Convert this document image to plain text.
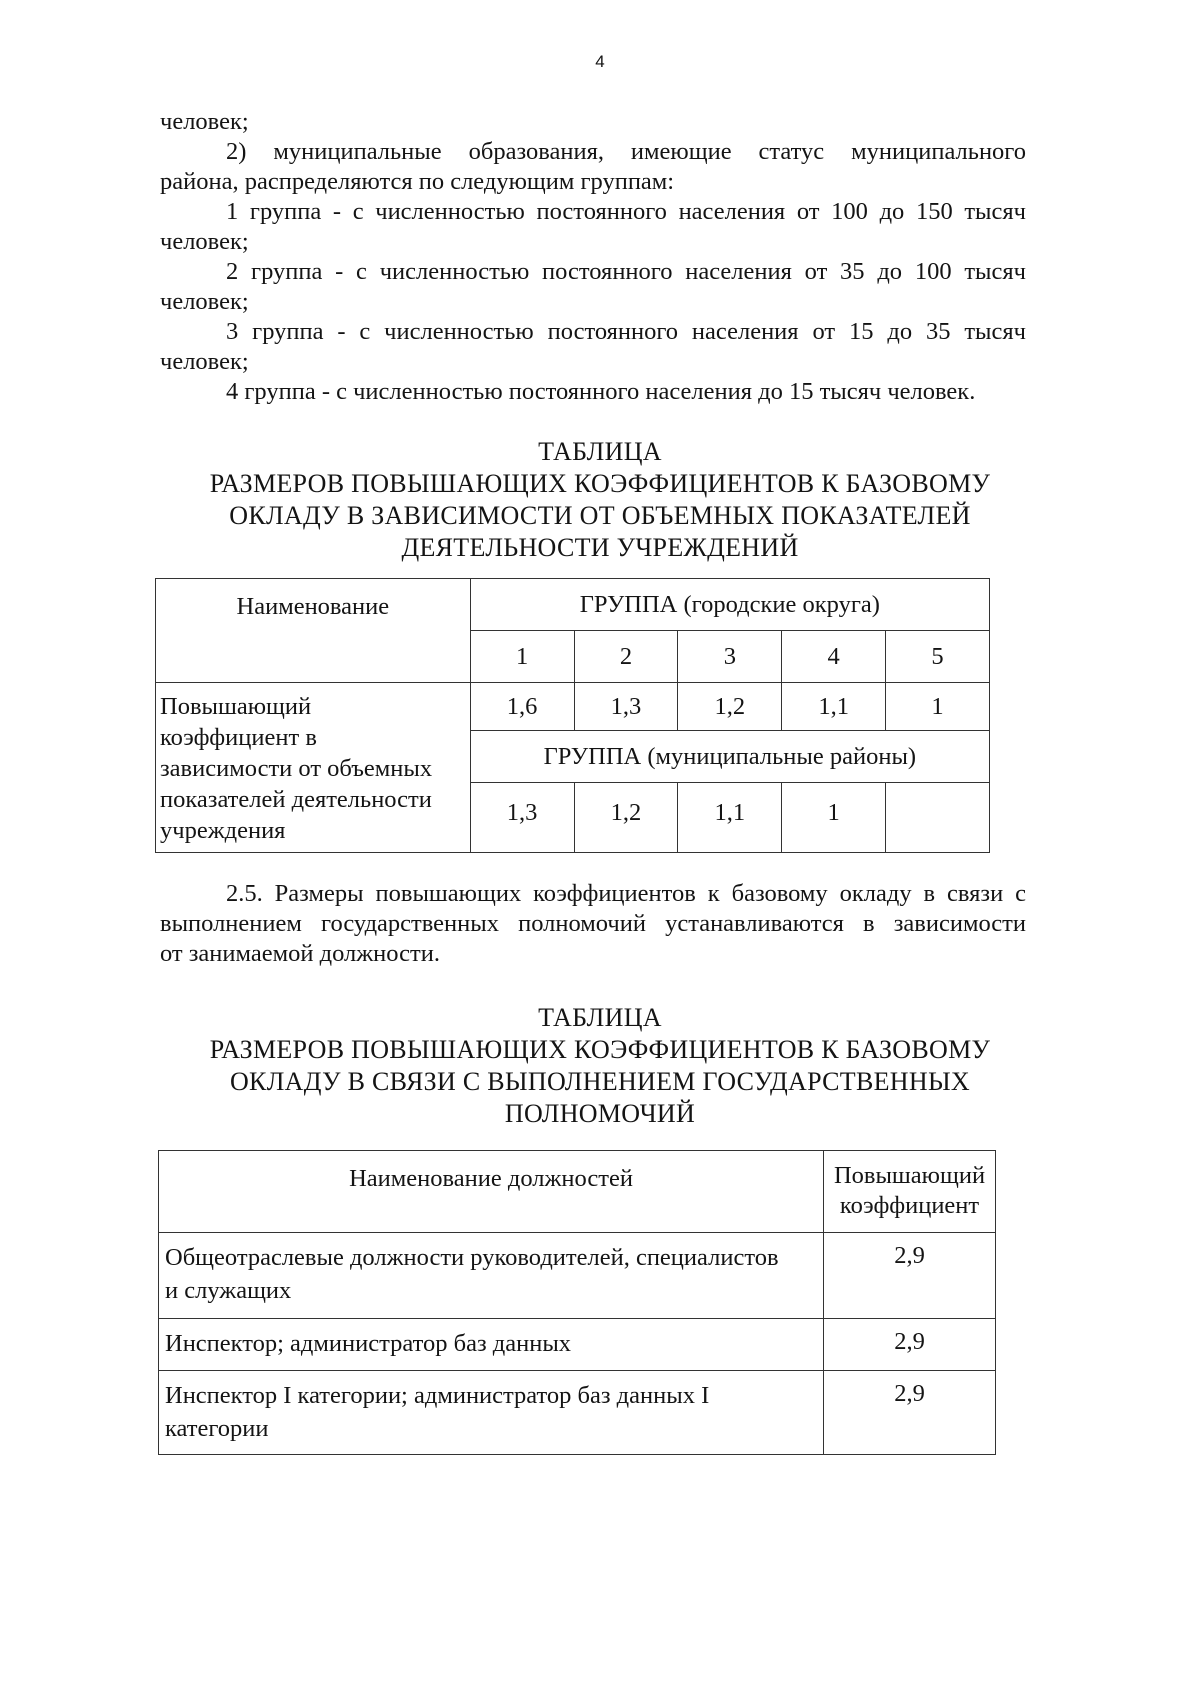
4
человек;
2) муниципальные образования, имеющие статус муниципального
района, распределяются по следующим группам:
1 группа - с численностью постоянного населения от 100 до 150 тысяч
человек;
2 группа - с численностью постоянного населения от 35 до 100 тысяч
человек;
3 группа - с численностью постоянного населения от 15 до 35 тысяч
человек;
4 группа - с численностью постоянного населения до 15 тысяч человек.
ТАБЛИЦА
РАЗМЕРОВ ПОВЫШАЮЩИХ КОЭФФИЦИЕНТОВ К БАЗОВОМУ
ОКЛАДУ В ЗАВИСИМОСТИ ОТ ОБЪЕМНЫХ ПОКАЗАТЕЛЕЙ
ДЕЯТЕЛЬНОСТИ УЧРЕЖДЕНИЙ
Наименование	ГРУППА (городские округа)				
	1	2	3	4	5

Повышающий
коэффициент в
зависимости от объемных
показателей деятельности
учреждения	1,6	1,3	1,2	1,1	1
	ГРУППА (муниципальные районы)				
	1,3	1,2	1,1	1	
2.5. Размеры повышающих коэффициентов к базовому окладу в связи с
выполнением государственных полномочий устанавливаются в зависимости
от занимаемой должности.
ТАБЛИЦА
РАЗМЕРОВ ПОВЫШАЮЩИХ КОЭФФИЦИЕНТОВ К БАЗОВОМУ
ОКЛАДУ В СВЯЗИ С ВЫПОЛНЕНИЕМ ГОСУДАРСТВЕННЫХ
ПОЛНОМОЧИЙ
Наименование должностей	Повышающий
коэффициент

Общеотраслевые должности руководителей, специалистов
и служащих	2,9

Инспектор; администратор баз данных	2,9

Инспектор I категории; администратор баз данных I
категории	2,9
